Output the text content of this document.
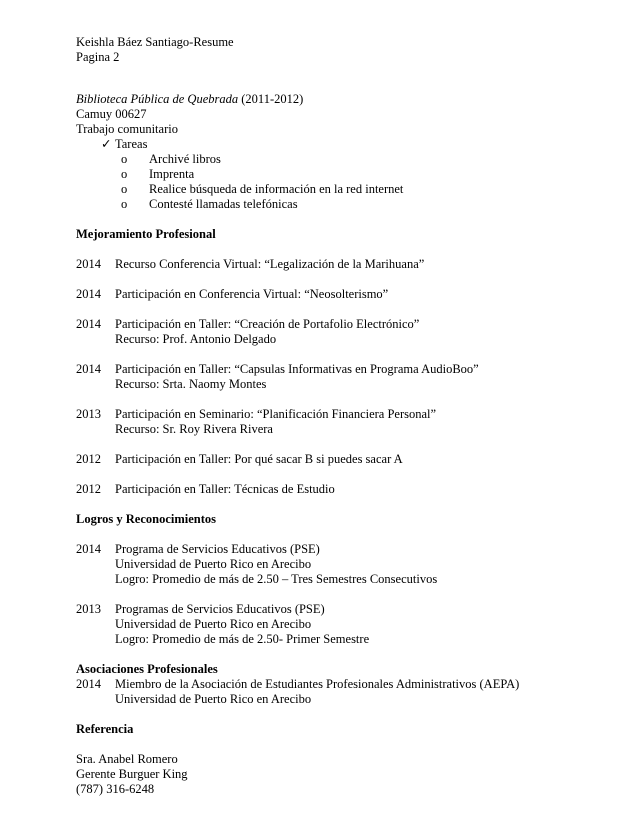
Keishla Báez Santiago-Resume
Pagina 2
Biblioteca Pública de Quebrada (2011-2012)
Camuy 00627
Trabajo comunitario
✓ Tareas
o	Archivé libros
o	Imprenta
o	Realice búsqueda de información en la red internet
o	Contesté llamadas telefónicas
Mejoramiento Profesional
2014	Recurso Conferencia Virtual: “Legalización de la Marihuana”
2014	Participación en Conferencia Virtual: “Neosolterismo”
2014	Participación en Taller: “Creación de Portafolio Electrónico”
Recurso: Prof. Antonio Delgado
2014	Participación en Taller: “Capsulas Informativas en Programa AudioBoo”
Recurso: Srta. Naomy Montes
2013	Participación en Seminario: “Planificación Financiera Personal”
Recurso: Sr. Roy Rivera Rivera
2012	Participación en Taller: Por qué sacar B si puedes sacar A
2012	Participación en Taller: Técnicas de Estudio
Logros y Reconocimientos
2014	Programa de Servicios Educativos (PSE)
Universidad de Puerto Rico en Arecibo
Logro: Promedio de más de 2.50 – Tres Semestres Consecutivos
2013	Programas de Servicios Educativos (PSE)
Universidad de Puerto Rico en Arecibo
Logro: Promedio de más de 2.50- Primer Semestre
Asociaciones Profesionales
2014	Miembro de la Asociación de Estudiantes Profesionales Administrativos (AEPA)
Universidad de Puerto Rico en Arecibo
Referencia
Sra. Anabel Romero
Gerente Burguer King
(787) 316-6248
